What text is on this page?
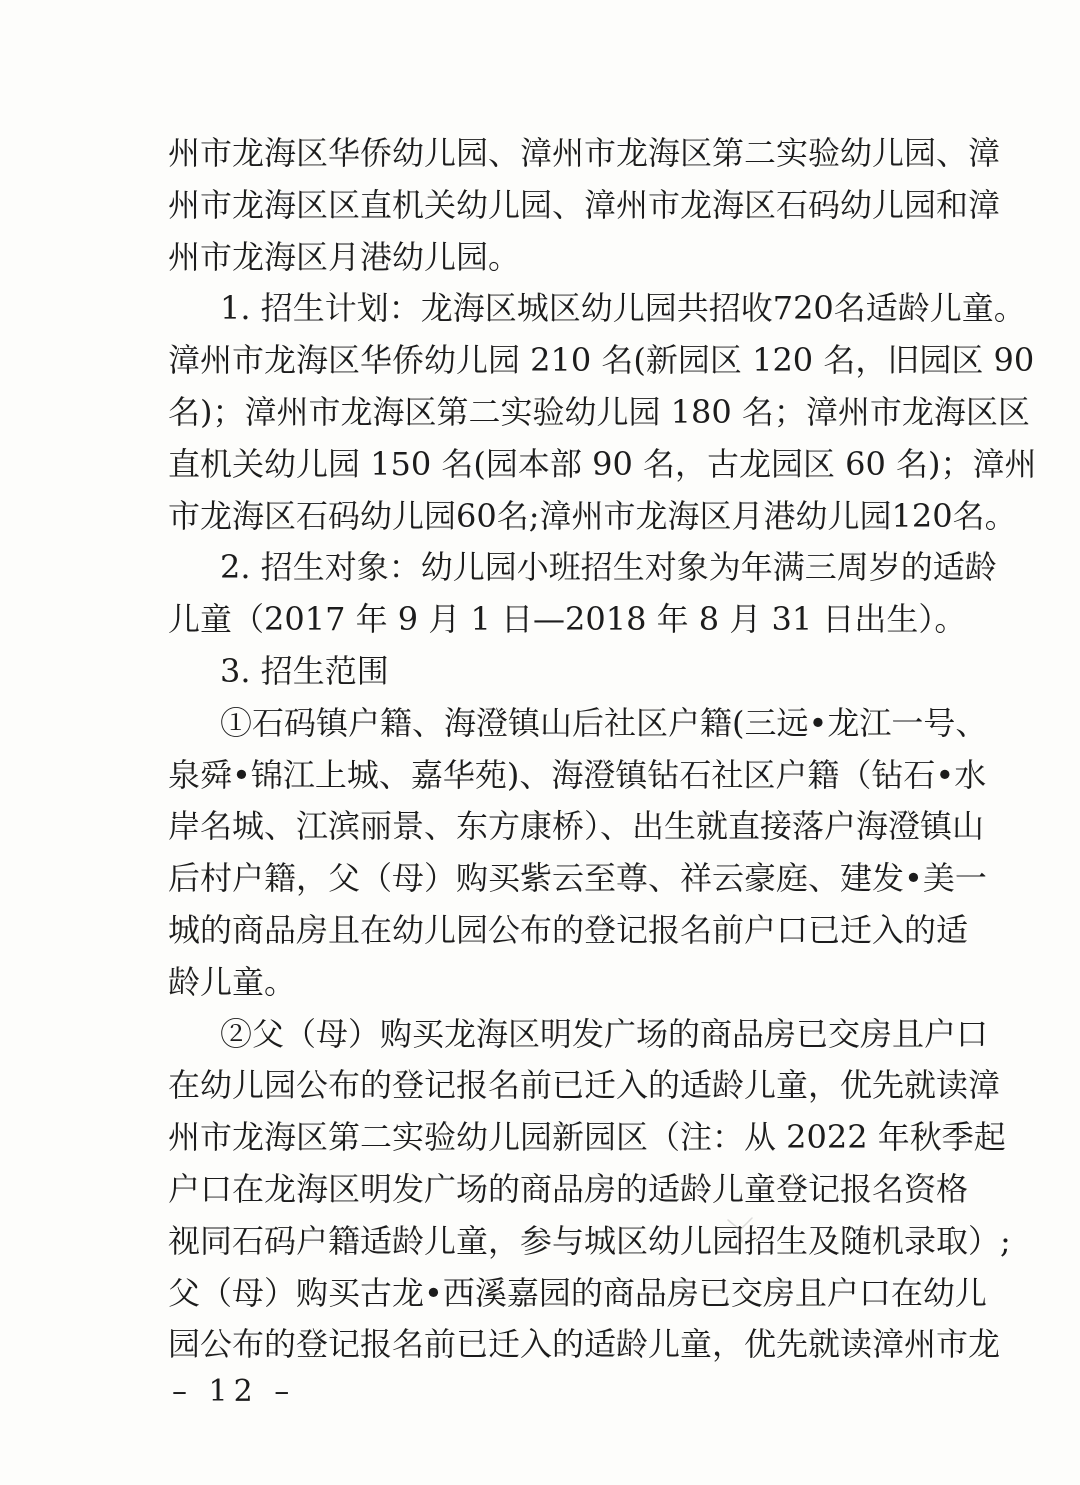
州市龙海区华侨幼儿园、漳州市龙海区第二实验幼儿园、漳
州市龙海区区直机关幼儿园、漳州市龙海区石码幼儿园和漳
州市龙海区月港幼儿园。
1. 招生计划：龙海区城区幼儿园共招收720名适龄儿童。
漳州市龙海区华侨幼儿园 210 名(新园区 120 名，旧园区 90
名)；漳州市龙海区第二实验幼儿园 180 名；漳州市龙海区区
直机关幼儿园 150 名(园本部 90 名，古龙园区 60 名)；漳州
市龙海区石码幼儿园60名;漳州市龙海区月港幼儿园120名。
2. 招生对象：幼儿园小班招生对象为年满三周岁的适龄
儿童（2017 年 9 月 1 日—2018 年 8 月 31 日出生）。
3. 招生范围
①石码镇户籍、海澄镇山后社区户籍(三远•龙江一号、
泉舜•锦江上城、嘉华苑)、海澄镇钻石社区户籍（钻石•水
岸名城、江滨丽景、东方康桥）、出生就直接落户海澄镇山
后村户籍，父（母）购买紫云至尊、祥云豪庭、建发•美一
城的商品房且在幼儿园公布的登记报名前户口已迁入的适
龄儿童。
②父（母）购买龙海区明发广场的商品房已交房且户口
在幼儿园公布的登记报名前已迁入的适龄儿童，优先就读漳
州市龙海区第二实验幼儿园新园区（注：从 2022 年秋季起
户口在龙海区明发广场的商品房的适龄儿童登记报名资格
视同石码户籍适龄儿童，参与城区幼儿园招生及随机录取）;
父（母）购买古龙•西溪嘉园的商品房已交房且户口在幼儿
园公布的登记报名前已迁入的适龄儿童，优先就读漳州市龙
– 12 –
